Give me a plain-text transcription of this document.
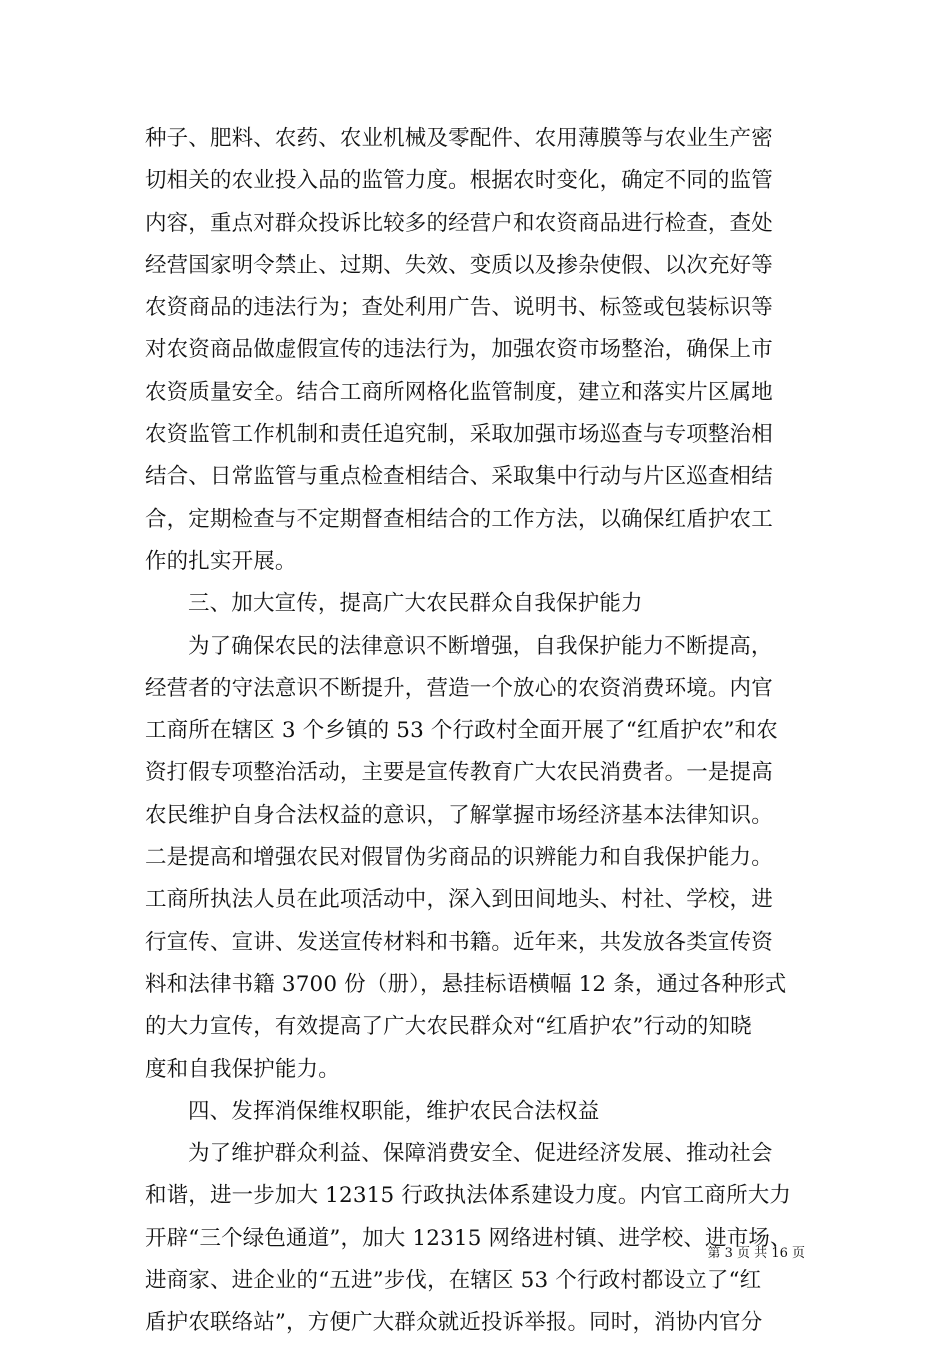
种子、肥料、农药、农业机械及零配件、农用薄膜等与农业生产密
切相关的农业投入品的监管力度。根据农时变化，确定不同的监管
内容，重点对群众投诉比较多的经营户和农资商品进行检查，查处
经营国家明令禁止、过期、失效、变质以及掺杂使假、以次充好等
农资商品的违法行为；查处利用广告、说明书、标签或包装标识等
对农资商品做虚假宣传的违法行为，加强农资市场整治，确保上市
农资质量安全。结合工商所网格化监管制度，建立和落实片区属地
农资监管工作机制和责任追究制，采取加强市场巡查与专项整治相
结合、日常监管与重点检查相结合、采取集中行动与片区巡查相结
合，定期检查与不定期督查相结合的工作方法，以确保红盾护农工
作的扎实开展。
三、加大宣传，提高广大农民群众自我保护能力
为了确保农民的法律意识不断增强，自我保护能力不断提高，
经营者的守法意识不断提升，营造一个放心的农资消费环境。内官
工商所在辖区 3 个乡镇的 53 个行政村全面开展了“红盾护农”和农
资打假专项整治活动，主要是宣传教育广大农民消费者。一是提高
农民维护自身合法权益的意识，了解掌握市场经济基本法律知识。
二是提高和增强农民对假冒伪劣商品的识辨能力和自我保护能力。
工商所执法人员在此项活动中，深入到田间地头、村社、学校，进
行宣传、宣讲、发送宣传材料和书籍。近年来，共发放各类宣传资
料和法律书籍 3700 份（册），悬挂标语横幅 12 条，通过各种形式
的大力宣传，有效提高了广大农民群众对“红盾护农”行动的知晓
度和自我保护能力。
四、发挥消保维权职能，维护农民合法权益
为了维护群众利益、保障消费安全、促进经济发展、推动社会
和谐，进一步加大 12315 行政执法体系建设力度。内官工商所大力
开辟“三个绿色通道”，加大 12315 网络进村镇、进学校、进市场、
进商家、进企业的“五进”步伐，在辖区 53 个行政村都设立了“红
盾护农联络站”，方便广大群众就近投诉举报。同时，消协内官分
第 3 页 共 16 页
